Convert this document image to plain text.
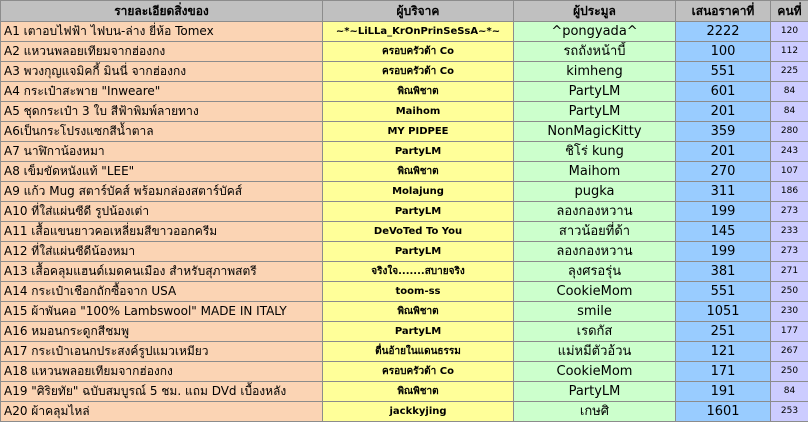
รายละเอียดสิ่งของ	ผู้บริจาค	ผู้ประมูล	เสนอราคาที่	คนที่
A1 เตาอบไฟฟ้า ไฟบน-ล่าง ยี่ห้อ Tomex	~*~LiLLa_KrOnPrinSeSsA~*~	^pongyada^	2222	120
A2 แหวนพลอยเทียมจากฮ่องกง	ครอบครัวต้า Co	รถถังหน้าบี้	100	112
A3 พวงกุญแจมิคกี้ มินนี่ จากฮ่องกง	ครอบครัวต้า Co	kimheng	551	225
A4 กระเป๋าสะพาย "Inweare"	พิณพิชาต	PartyLM	601	84
A5 ชุดกระเป๋า 3 ใบ สีฟ้าพิมพ์ลายทาง	Maihom	PartyLM	201	84
A6เป็นกระโปรงแซกสีน้ำตาล	MY PIDPEE	NonMagicKitty	359	280
A7 นาฬิกาน้องหมา	PartyLM	ชิโร่ kung	201	243
A8 เข็มขัดหนังแท้ "LEE"	พิณพิชาต	Maihom	270	107
A9 แก้ว Mug สตาร์บัคส์ พร้อมกล่องสตาร์บัคส์	Molajung	pugka	311	186
A10 ที่ใส่แผ่นซีดี รูปน้องเต่า	PartyLM	ลองกองหวาน	199	273
A11 เสื้อแขนยาวคอเหลี่ยมสีขาวออกครีม	DeVoTed To You	สาวน้อยที่ด้า	145	233
A12 ที่ใส่แผ่นซีดีน้องหมา	PartyLM	ลองกองหวาน	199	273
A13 เสื้อคลุมแฮนด์เมดคนเมือง สำหรับสุภาพสตรี	จริงใจ.......สบายจริง	ลุงศรอรุ่น	381	271
A14 กระเป๋าเชือกถักซื้อจาก USA	toom-ss	CookieMom	551	250
A15 ผ้าพันคอ "100% Lambswool" MADE IN ITALY	พิณพิชาต	smile	1051	230
A16 หมอนกระดูกสีชมพู	PartyLM	เรดกัส	251	177
A17 กระเป๋าเอนกประสงค์รูปแมวเหมียว	ตื่นอ้ายในแดนธรรม	แม่หมีตัวอ้วน	121	267
A18 แหวนพลอยเทียมจากฮ่องกง	ครอบครัวต้า Co	CookieMom	171	250
A19 "ศิริยทัย" ฉบับสมบูรณ์ 5 ชม. แถม DVd เบื้องหลัง	พิณพิชาต	PartyLM	191	84
A20 ผ้าคลุมไหล่	jackkyjing	เกษศิ	1601	253
